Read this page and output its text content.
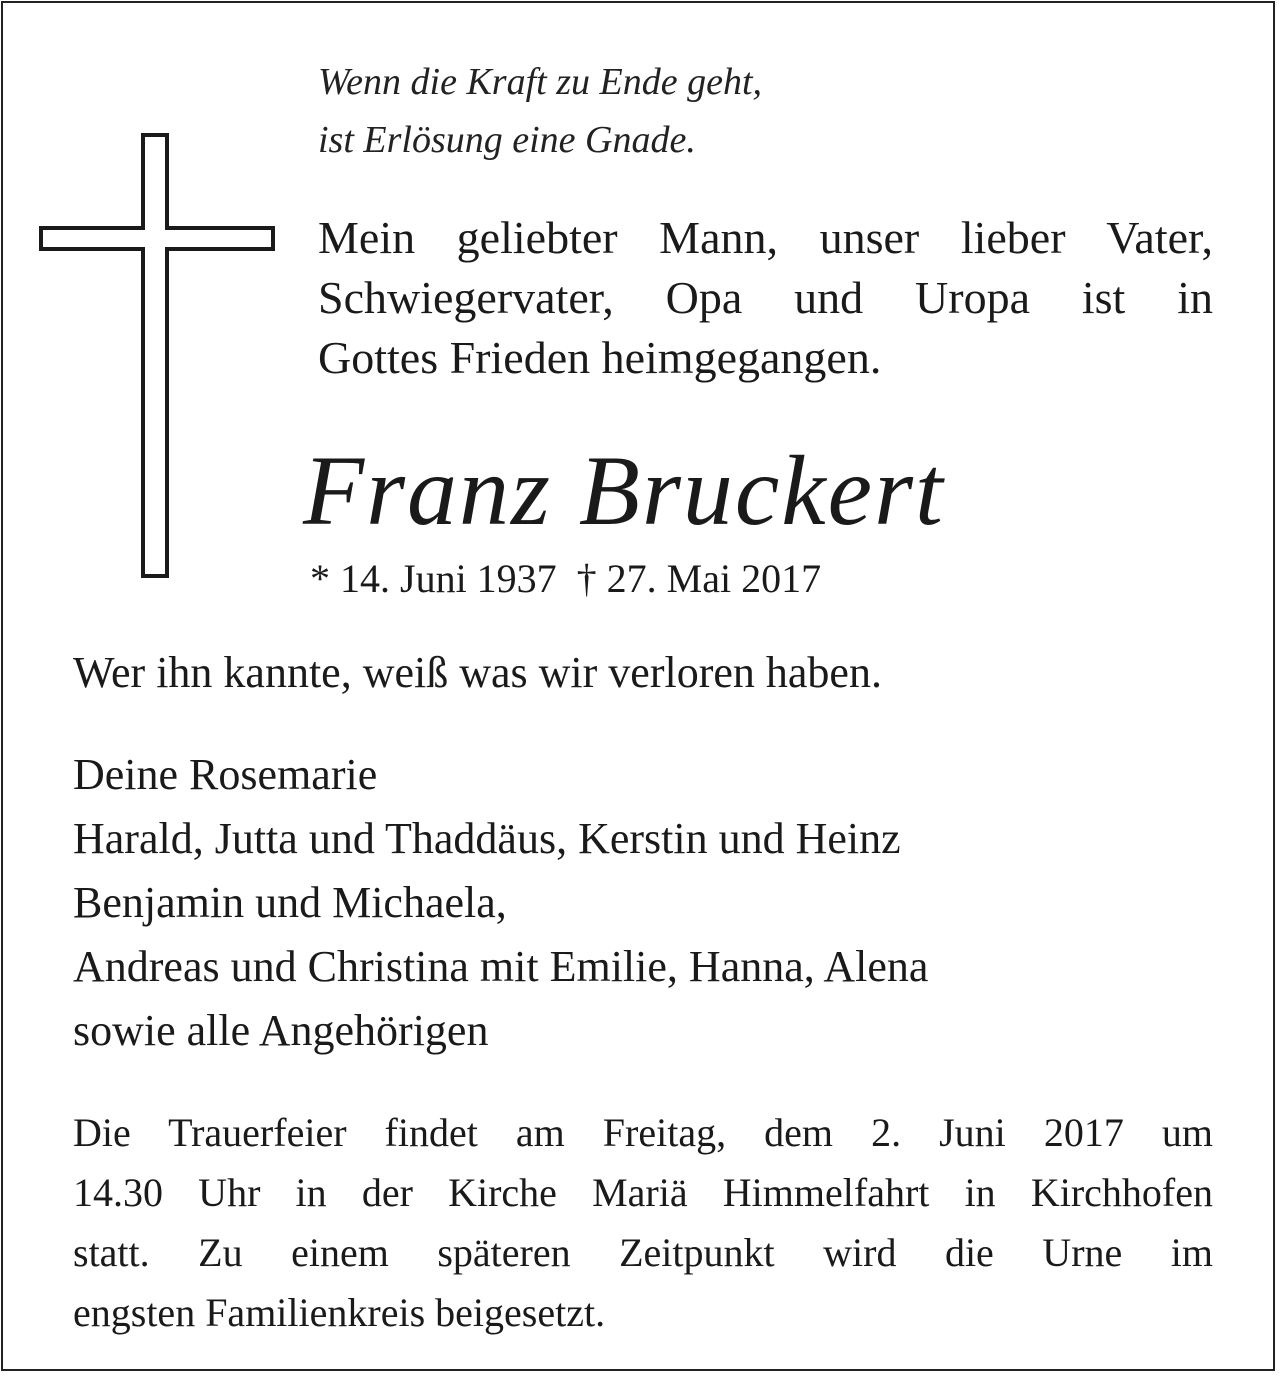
Wenn die Kraft zu Ende geht,
ist Erlösung eine Gnade.
Mein geliebter Mann, unser lieber Vater,
Schwiegervater, Opa und Uropa ist in
Gottes Frieden heimgegangen.
Franz Bruckert
* 14. Juni 1937  † 27. Mai 2017
Wer ihn kannte, weiß was wir verloren haben.
Deine Rosemarie
Harald, Jutta und Thaddäus, Kerstin und Heinz
Benjamin und Michaela,
Andreas und Christina mit Emilie, Hanna, Alena
sowie alle Angehörigen
Die Trauerfeier findet am Freitag, dem 2. Juni 2017 um
14.30 Uhr in der Kirche Mariä Himmelfahrt in Kirchhofen
statt. Zu einem späteren Zeitpunkt wird die Urne im
engsten Familienkreis beigesetzt.
